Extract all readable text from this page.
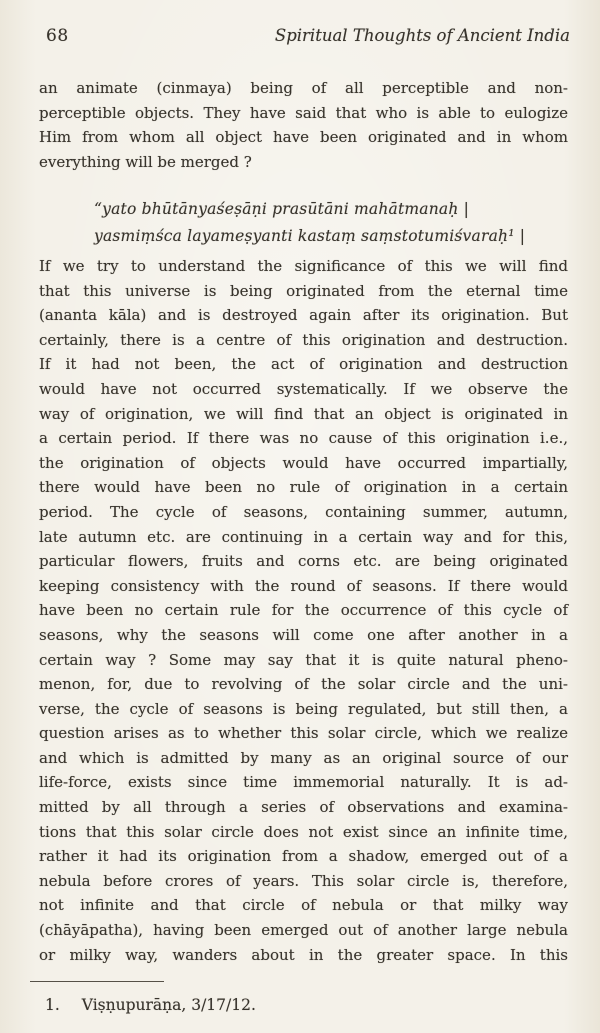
68	Spiritual Thoughts of Ancient India
an animate (cinmaya) being of all perceptible and non-
perceptible objects. They have said that who is able to eulogize
Him from whom all object have been originated and in whom
everything will be merged ?
“yato bhūtānyaśeṣāṇi prasūtāni mahātmanaḥ |
yasmiṃśca layameṣyanti kastaṃ saṃstotumiśvaraḥ¹ |
If we try to understand the significance of this we will find
that this universe is being originated from the eternal time
(ananta kāla) and is destroyed again after its origination. But
certainly, there is a centre of this origination and destruction.
If it had not been, the act of origination and destruction
would have not occurred systematically. If we observe the
way of origination, we will find that an object is originated in
a certain period. If there was no cause of this origination i.e.,
the origination of objects would have occurred impartially,
there would have been no rule of origination in a certain
period. The cycle of seasons, containing summer, autumn,
late autumn etc. are continuing in a certain way and for this,
particular flowers, fruits and corns etc. are being originated
keeping consistency with the round of seasons. If there would
have been no certain rule for the occurrence of this cycle of
seasons, why the seasons will come one after another in a
certain way ? Some may say that it is quite natural pheno-
menon, for, due to revolving of the solar circle and the uni-
verse, the cycle of seasons is being regulated, but still then, a
question arises as to whether this solar circle, which we realize
and which is admitted by many as an original source of our
life-force, exists since time immemorial naturally. It is ad-
mitted by all through a series of observations and examina-
tions that this solar circle does not exist since an infinite time,
rather it had its origination from a shadow, emerged out of a
nebula before crores of years. This solar circle is, therefore,
not infinite and that circle of nebula or that milky way
(chāyāpatha), having been emerged out of another large nebula
or milky way, wanders about in the greater space. In this
1. Viṣṇupurāṇa, 3/17/12.
